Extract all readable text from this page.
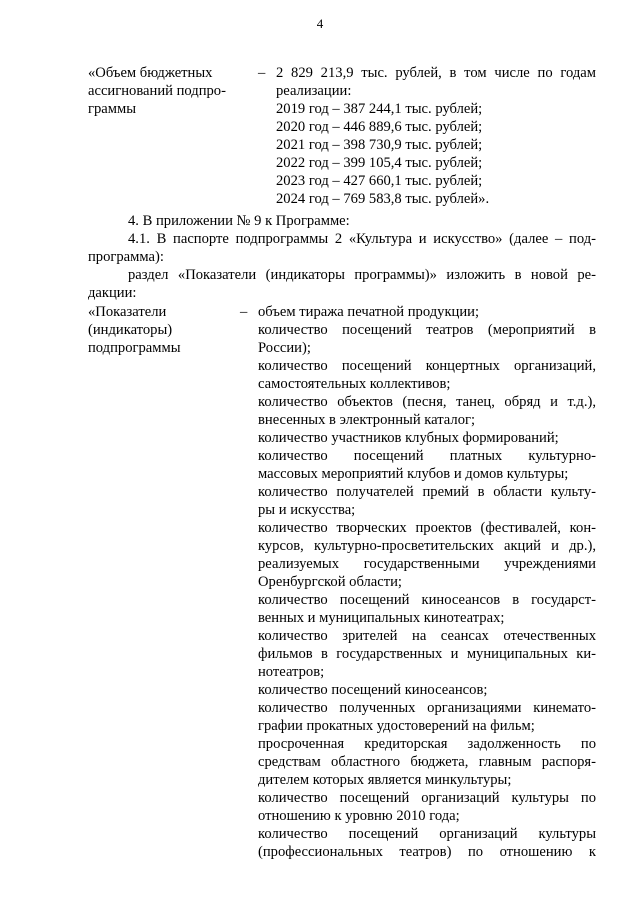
4
«Объем бюджетных
ассигнований подпро-
граммы
– 2 829 213,9 тыс. рублей, в том числе по годам
реализации:
2019 год – 387 244,1 тыс. рублей;
2020 год – 446 889,6 тыс. рублей;
2021 год – 398 730,9 тыс. рублей;
2022 год – 399 105,4 тыс. рублей;
2023 год – 427 660,1 тыс. рублей;
2024 год – 769 583,8 тыс. рублей».
4. В приложении № 9 к Программе:
4.1. В паспорте подпрограммы 2 «Культура и искусство» (далее – под-
программа):
раздел «Показатели (индикаторы программы)» изложить в новой ре-
дакции:
«Показатели
(индикаторы)
подпрограммы
– объем тиража печатной продукции;
количество посещений театров (мероприятий в
России);
количество посещений концертных организаций,
самостоятельных коллективов;
количество объектов (песня, танец, обряд и т.д.),
внесенных в электронный каталог;
количество участников клубных формирований;
количество посещений платных культурно-
массовых мероприятий клубов и домов культуры;
количество получателей премий в области культу-
ры и искусства;
количество творческих проектов (фестивалей, кон-
курсов, культурно-просветительских акций и др.),
реализуемых государственными учреждениями
Оренбургской области;
количество посещений киносеансов в государст-
венных и муниципальных кинотеатрах;
количество зрителей на сеансах отечественных
фильмов в государственных и муниципальных ки-
нотеатров;
количество посещений киносеансов;
количество полученных организациями кинемато-
графии прокатных удостоверений на фильм;
просроченная кредиторская задолженность по
средствам областного бюджета, главным распоря-
дителем которых является минкультуры;
количество посещений организаций культуры по
отношению к уровню 2010 года;
количество посещений организаций культуры
(профессиональных театров) по отношению к
